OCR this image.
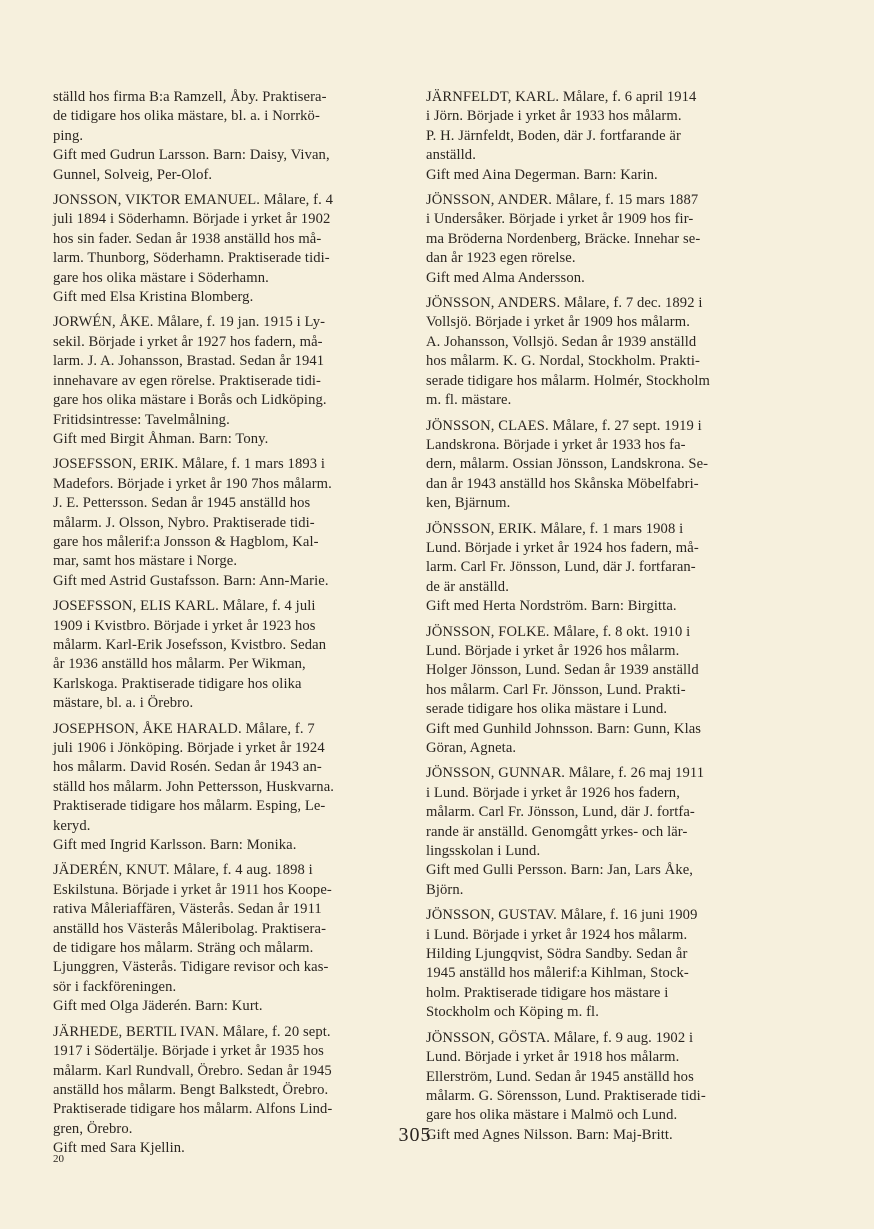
ställd hos firma B:a Ramzell, Åby. Praktisera-
de tidigare hos olika mästare, bl. a. i Norrkö-
ping.
Gift med Gudrun Larsson. Barn: Daisy, Vivan,
Gunnel, Solveig, Per-Olof.
JONSSON, VIKTOR EMANUEL. Målare, f. 4
juli 1894 i Söderhamn. Började i yrket år 1902
hos sin fader. Sedan år 1938 anställd hos må-
larm. Thunborg, Söderhamn. Praktiserade tidi-
gare hos olika mästare i Söderhamn.
Gift med Elsa Kristina Blomberg.
JORWÉN, ÅKE. Målare, f. 19 jan. 1915 i Ly-
sekil. Började i yrket år 1927 hos fadern, må-
larm. J. A. Johansson, Brastad. Sedan år 1941
innehavare av egen rörelse. Praktiserade tidi-
gare hos olika mästare i Borås och Lidköping.
Fritidsintresse: Tavelmålning.
Gift med Birgit Åhman. Barn: Tony.
JOSEFSSON, ERIK. Målare, f. 1 mars 1893 i
Madefors. Började i yrket år 190 7hos målarm.
J. E. Pettersson. Sedan år 1945 anställd hos
målarm. J. Olsson, Nybro. Praktiserade tidi-
gare hos målerif:a Jonsson & Hagblom, Kal-
mar, samt hos mästare i Norge.
Gift med Astrid Gustafsson. Barn: Ann-Marie.
JOSEFSSON, ELIS KARL. Målare, f. 4 juli
1909 i Kvistbro. Började i yrket år 1923 hos
målarm. Karl-Erik Josefsson, Kvistbro. Sedan
år 1936 anställd hos målarm. Per Wikman,
Karlskoga. Praktiserade tidigare hos olika
mästare, bl. a. i Örebro.
JOSEPHSON, ÅKE HARALD. Målare, f. 7
juli 1906 i Jönköping. Började i yrket år 1924
hos målarm. David Rosén. Sedan år 1943 an-
ställd hos målarm. John Pettersson, Huskvarna.
Praktiserade tidigare hos målarm. Esping, Le-
keryd.
Gift med Ingrid Karlsson. Barn: Monika.
JÄDERÉN, KNUT. Målare, f. 4 aug. 1898 i
Eskilstuna. Började i yrket år 1911 hos Koope-
rativa Måleriaffären, Västerås. Sedan år 1911
anställd hos Västerås Måleribolag. Praktisera-
de tidigare hos målarm. Sträng och målarm.
Ljunggren, Västerås. Tidigare revisor och kas-
sör i fackföreningen.
Gift med Olga Jäderén. Barn: Kurt.
JÄRHEDE, BERTIL IVAN. Målare, f. 20 sept.
1917 i Södertälje. Började i yrket år 1935 hos
målarm. Karl Rundvall, Örebro. Sedan år 1945
anställd hos målarm. Bengt Balkstedt, Örebro.
Praktiserade tidigare hos målarm. Alfons Lind-
gren, Örebro.
Gift med Sara Kjellin.
JÄRNFELDT, KARL. Målare, f. 6 april 1914
i Jörn. Började i yrket år 1933 hos målarm.
P. H. Järnfeldt, Boden, där J. fortfarande är
anställd.
Gift med Aina Degerman. Barn: Karin.
JÖNSSON, ANDER. Målare, f. 15 mars 1887
i Undersåker. Började i yrket år 1909 hos fir-
ma Bröderna Nordenberg, Bräcke. Innehar se-
dan år 1923 egen rörelse.
Gift med Alma Andersson.
JÖNSSON, ANDERS. Målare, f. 7 dec. 1892 i
Vollsjö. Började i yrket år 1909 hos målarm.
A. Johansson, Vollsjö. Sedan år 1939 anställd
hos målarm. K. G. Nordal, Stockholm. Prakti-
serade tidigare hos målarm. Holmér, Stockholm
m. fl. mästare.
JÖNSSON, CLAES. Målare, f. 27 sept. 1919 i
Landskrona. Började i yrket år 1933 hos fa-
dern, målarm. Ossian Jönsson, Landskrona. Se-
dan år 1943 anställd hos Skånska Möbelfabri-
ken, Bjärnum.
JÖNSSON, ERIK. Målare, f. 1 mars 1908 i
Lund. Började i yrket år 1924 hos fadern, må-
larm. Carl Fr. Jönsson, Lund, där J. fortfaran-
de är anställd.
Gift med Herta Nordström. Barn: Birgitta.
JÖNSSON, FOLKE. Målare, f. 8 okt. 1910 i
Lund. Började i yrket år 1926 hos målarm.
Holger Jönsson, Lund. Sedan år 1939 anställd
hos målarm. Carl Fr. Jönsson, Lund. Prakti-
serade tidigare hos olika mästare i Lund.
Gift med Gunhild Johnsson. Barn: Gunn, Klas
Göran, Agneta.
JÖNSSON, GUNNAR. Målare, f. 26 maj 1911
i Lund. Började i yrket år 1926 hos fadern,
målarm. Carl Fr. Jönsson, Lund, där J. fortfa-
rande är anställd. Genomgått yrkes- och lär-
lingsskolan i Lund.
Gift med Gulli Persson. Barn: Jan, Lars Åke,
Björn.
JÖNSSON, GUSTAV. Målare, f. 16 juni 1909
i Lund. Började i yrket år 1924 hos målarm.
Hilding Ljungqvist, Södra Sandby. Sedan år
1945 anställd hos målerif:a Kihlman, Stock-
holm. Praktiserade tidigare hos mästare i
Stockholm och Köping m. fl.
JÖNSSON, GÖSTA. Målare, f. 9 aug. 1902 i
Lund. Började i yrket år 1918 hos målarm.
Ellerström, Lund. Sedan år 1945 anställd hos
målarm. G. Sörensson, Lund. Praktiserade tidi-
gare hos olika mästare i Malmö och Lund.
Gift med Agnes Nilsson. Barn: Maj-Britt.
305
20
